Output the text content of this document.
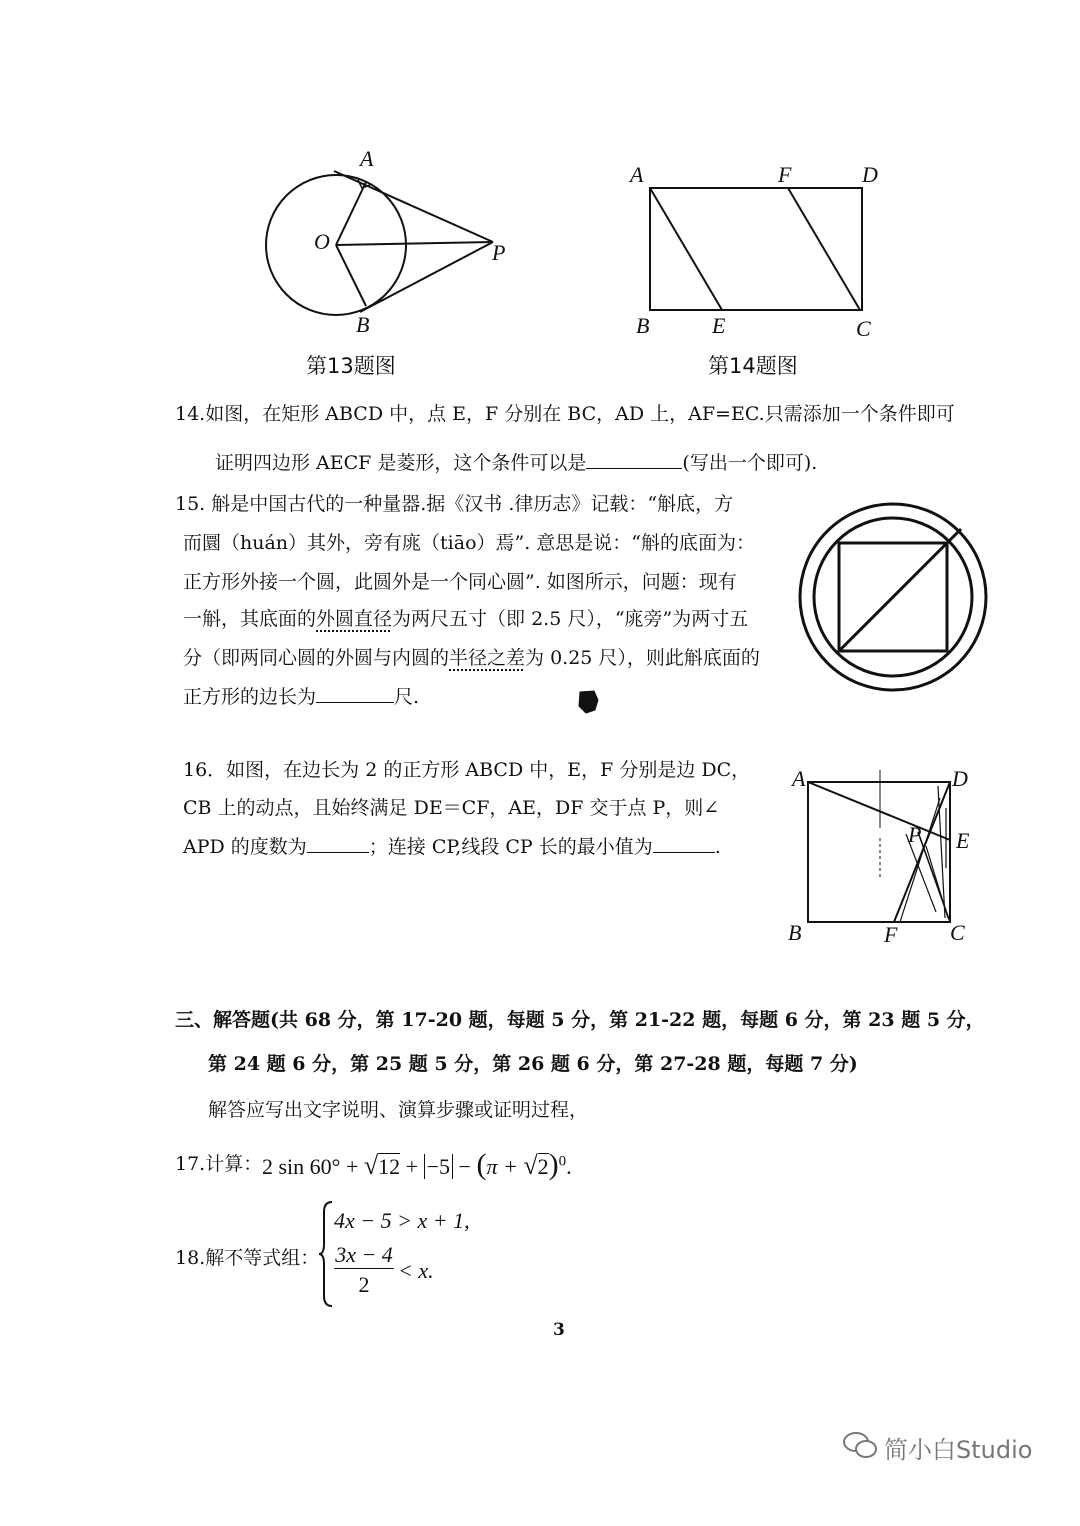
A
O	P
B
第13题图
A	F	D
B	E	C
第14题图
14.如图，在矩形 ABCD 中，点 E，F 分别在 BC，AD 上，AF=EC.只需添加一个条件即可
证明四边形 AECF 是菱形，这个条件可以是	(写出一个即可).
15. 斛是中国古代的一种量器.据《汉书 .律历志》记载：“斛底，方
而圜（huán）其外，旁有庣（tiāo）焉”. 意思是说：“斛的底面为：
正方形外接一个圆，此圆外是一个同心圆”. 如图所示，问题：现有
一斛，其底面的外圆直径为两尺五寸（即 2.5 尺），“庣旁”为两寸五
分（即两同心圆的外圆与内圆的半径之差为 0.25 尺），则此斛底面的
正方形的边长为	尺.
16．如图，在边长为 2 的正方形 ABCD 中，E，F 分别是边 DC，
CB 上的动点，且始终满足 DE＝CF，AE，DF 交于点 P，则∠
APD 的度数为	；连接 CP,线段 CP 长的最小值为	.
A	D
P E
B	F C
三、解答题(共 68 分，第 17-20 题，每题 5 分，第 21-22 题，每题 6 分，第 23 题 5 分，
第 24 题 6 分，第 25 题 5 分，第 26 题 6 分，第 27-28 题，每题 7 分)
解答应写出文字说明、演算步骤或证明过程，
17.计算： 2 $\sin 60^\circ + √12 + -5 - (\pi + √2)^0$.
18.解不等式组：
4x − 5 > x + 1,
3x − 4
2
< x.
3
简小白Studio
